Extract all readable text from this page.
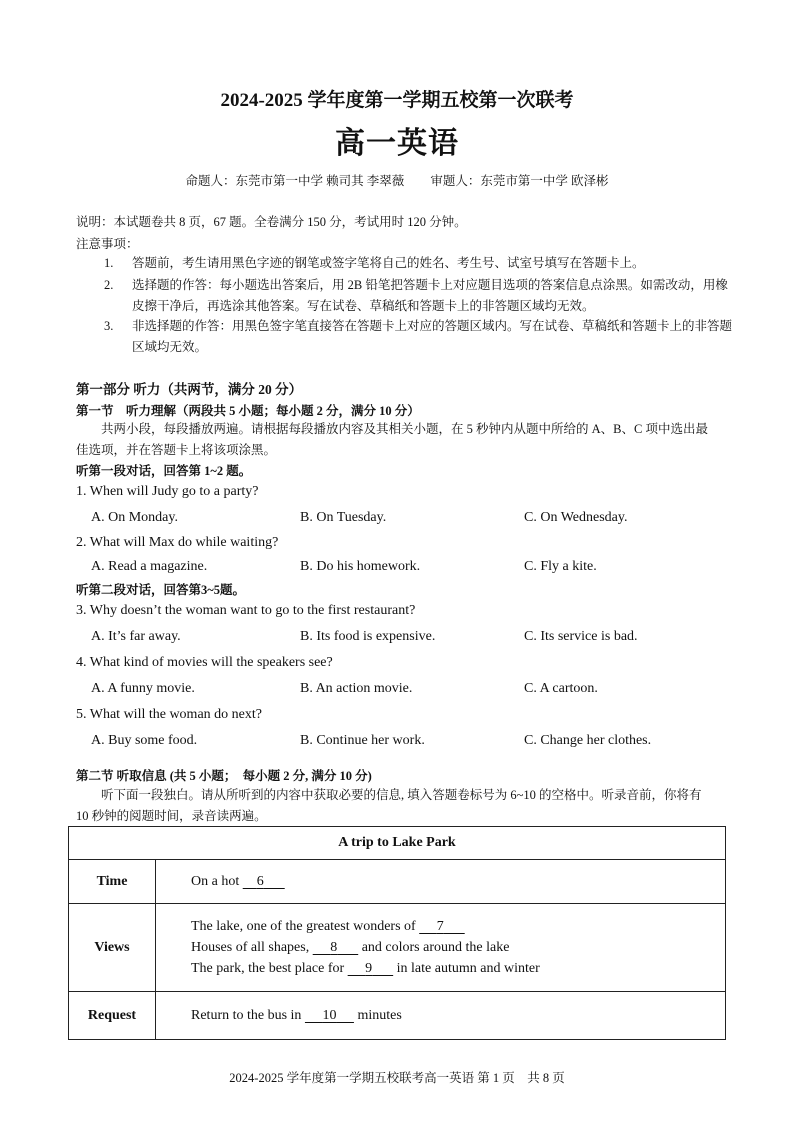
2024-2025 学年度第一学期五校第一次联考
高一英语
命题人：东莞市第一中学 赖司其 李翠薇 审题人：东莞市第一中学 欧泽彬
说明：本试题卷共 8 页，67 题。全卷满分 150 分，考试用时 120 分钟。
注意事项：
1. 答题前，考生请用黑色字迹的钢笔或签字笔将自己的姓名、考生号、试室号填写在答题卡上。
2. 选择题的作答：每小题选出答案后，用 2B 铅笔把答题卡上对应题目选项的答案信息点涂黑。如需改动，用橡皮擦干净后，再选涂其他答案。写在试卷、草稿纸和答题卡上的非答题区域均无效。
3. 非选择题的作答：用黑色签字笔直接答在答题卡上对应的答题区域内。写在试卷、草稿纸和答题卡上的非答题区域均无效。
第一部分 听力（共两节，满分 20 分）
第一节　听力理解（两段共 5 小题；每小题 2 分，满分 10 分）
共两小段，每段播放两遍。请根据每段播放内容及其相关小题，在 5 秒钟内从题中所给的 A、B、C 项中选出最佳选项，并在答题卡上将该项涂黑。
听第一段对话，回答第 1~2 题。
1. When will Judy go to a party?
A. On Monday.	B. On Tuesday.	C. On Wednesday.
2. What will Max do while waiting?
A. Read a magazine.	B. Do his homework.	C. Fly a kite.
听第二段对话，回答第3~5题。
3. Why doesn’t the woman want to go to the first restaurant?
A. It’s far away.	B. Its food is expensive.	C. Its service is bad.
4. What kind of movies will the speakers see?
A. A funny movie.	B. An action movie.	C. A cartoon.
5. What will the woman do next?
A. Buy some food.	B. Continue her work.	C. Change her clothes.
第二节 听取信息 (共 5 小题；　每小题 2 分, 满分 10 分)
听下面一段独白。请从所听到的内容中获取必要的信息, 填入答题卷标号为 6~10 的空格中。听录音前，你将有 10 秒钟的阅题时间，录音读两遍。
A trip to Lake Park	
Time	On a hot 6
Views	The lake, one of the greatest wonders of 7
Houses of all shapes, 8 and colors around the lake
The park, the best place for 9 in late autumn and winter

Request	Return to the bus in 10 minutes
2024-2025 学年度第一学期五校联考高一英语 第 1 页　共 8 页
